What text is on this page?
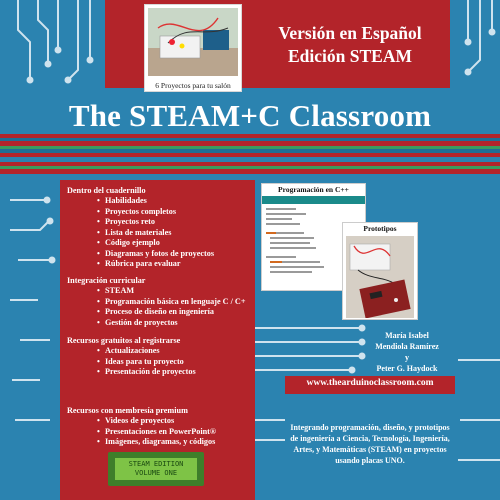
6 Proyectos para tu salón
Versión en Español
Edición STEAM
The STEAM+C Classroom
Dentro del cuadernillo
• Habilidades
• Proyectos completos
• Proyectos reto
• Lista de materiales
• Código ejemplo
• Diagramas y fotos de proyectos
• Rúbrica para evaluar
Integración curricular
• STEAM
• Programación básica en lenguaje C / C+
• Proceso de diseño en ingeniería
• Gestión de proyectos
Recursos gratuitos al registrarse
• Actualizaciones
• Ideas para tu proyecto
• Presentación de proyectos
Recursos con membresía premium
• Videos de proyectos
• Presentaciones en PowerPoint®
• Imágenes, diagramas, y códigos
STEAM EDITION
VOLUME ONE
Programación en C++
Prototipos
María Isabel
Mendiola Ramírez
y
Peter G. Haydock
www.thearduinoclassroom.com
Integrando programación, diseño, y prototipos de ingeniería a Ciencia, Tecnología, Ingeniería, Artes, y Matemáticas (STEAM) en proyectos usando placas UNO.
